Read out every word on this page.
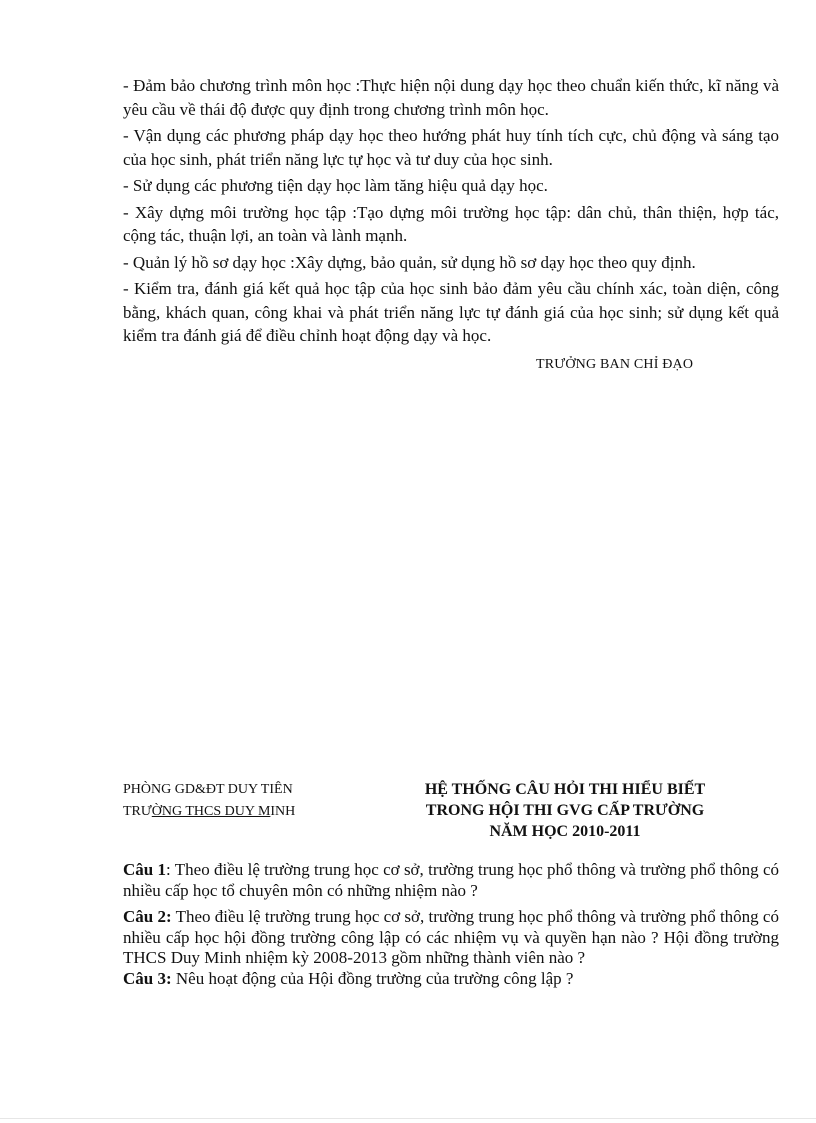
- Đảm bảo chương trình môn học :Thực hiện nội dung dạy học theo chuẩn kiến thức, kĩ năng và yêu cầu về thái độ được quy định trong chương trình môn học.

- Vận dụng các phương pháp dạy học theo hướng phát huy tính tích cực, chủ động và sáng tạo của học sinh, phát triển năng lực tự học và tư duy của học sinh.

- Sử dụng các phương tiện dạy học làm tăng hiệu quả dạy học.

- Xây dựng môi trường học tập :Tạo dựng môi trường học tập: dân chủ, thân thiện, hợp tác, cộng tác, thuận lợi, an toàn và lành mạnh.

- Quản lý hồ sơ dạy học :Xây dựng, bảo quản, sử dụng hồ sơ dạy học theo quy định.

- Kiểm tra, đánh giá kết quả học tập của học sinh bảo đảm yêu cầu chính xác, toàn diện, công bằng, khách quan, công khai và phát triển năng lực tự đánh giá của học sinh; sử dụng kết quả kiểm tra đánh giá để điều chỉnh hoạt động dạy và học.

TRƯỞNG BAN CHỈ ĐẠO
PHÒNG GD&ĐT DUY TIÊN
TRƯỜNG THCS DUY MINH
HỆ THỐNG CÂU HỎI THI HIỂU BIẾT
TRONG HỘI THI GVG CẤP TRƯỜNG
NĂM HỌC 2010-2011

Câu 1: Theo điều lệ trường trung học cơ sở, trường trung học phổ thông và trường phổ thông có nhiều cấp học tổ chuyên môn có những nhiệm nào ?

Câu 2: Theo điều lệ trường trung học cơ sở, trường trung học phổ thông và trường phổ thông có nhiều cấp học hội đồng trường công lập có các nhiệm vụ và quyền hạn nào ? Hội đồng trường THCS Duy Minh nhiệm kỳ 2008-2013 gồm những thành viên nào ?

Câu 3: Nêu hoạt động của Hội đồng trường của trường công lập ?
